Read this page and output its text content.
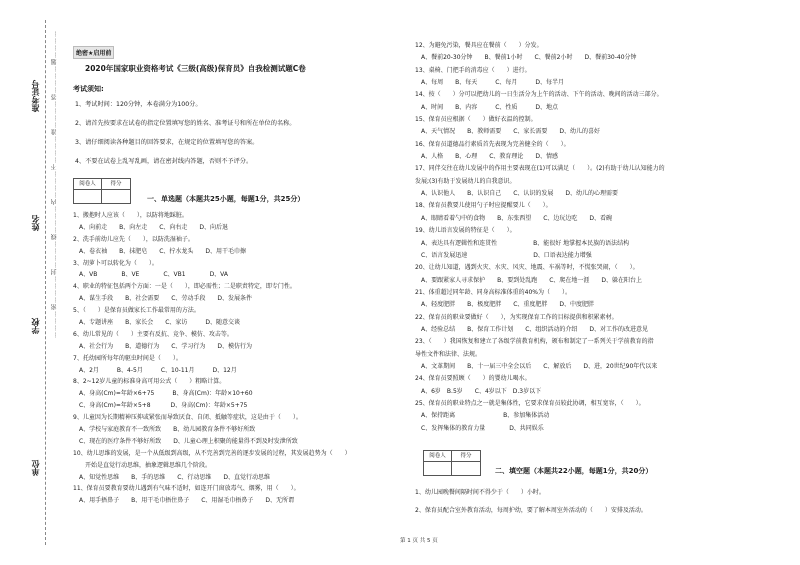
…………密…………封…………线…………内…………不…………准…………答…………题…………
准考证号
姓名
学校
单位
绝密★启用前
2020年国家职业资格考试《三级(高级)保育员》自我检测试题C卷
考试须知:
1、考试时间：120分钟，本卷满分为100分。
2、请首先按要求在试卷的指定位置填写您的姓名、准考证号和所在单位的名称。
3、请仔细阅读各种题目的回答要求，在规定的位置填写您的答案。
4、不要在试卷上乱写乱画，请在密封线内答题，否则不予评分。
阅卷人	得分
一、单选题（本题共25小题，每题1分，共25分）
1、搬抱时人应该（　　），以防将地踩脏。
　A、向前走　　B、向左走　　C、向右走　　D、向后退
2、洗手前幼儿应先（　　），以防洗湿袖子。
　A、卷衣袖　　B、抹肥皂　　C、拧水龙头　　D、用干毛巾擦
3、胡萝卜可以转化为（　　）。
　A、VB　　　　B、VE　　　　C、VB1　　　　D、VA
4、职业的特征包括两个方面：一是（　　），即必需性；二是职责特定，即专门性。
　A、谋生手段　　B、社会需要　　C、劳动手段　　D、发展条件
5、（　　）是保育员做家长工作最常用的方法。
　A、专题讲座　　B、家长会　　C、家访　　　D、随意交谈
6、幼儿常见的（　　）主要有反抗、竞争、模仿、攻击等。
　A、社会行为　　B、道德行为　　C、学习行为　　D、模仿行为
7、托幼园所每年的驱虫时间是（　　）。
　A、2月　　　B、4-5月　　　C、10-11月　　　D、12月
8、2~12岁儿童的标准身高可用公式（　　）粗略计算。
　A、身高(Cm)=年龄×6+75　　　B、身高(Cm)：年龄×10+60
　C、身高(Cm)=年龄×5+8　　　 D、身高(Cm)：年龄×5+75
9、儿童因为长期精神压抑或紧张而导致厌食、自闭、抵触等症状，这是由于（　　）。
　A、学校与家庭教育不一致所致　　B、幼儿园教育条件不够好所致
　C、现在的医疗条件不够好所致　　D、儿童心理上积聚的能量得不到及时发泄所致
10、幼儿思维的发展，是一个从低级到高级，从不完善到完善的逐步发展的过程，其发展趋势为（　　）
　　开始是直觉行动思维，抽象逻辑思维几个阶段。
　A、知觉性思维　　B、手的思维　　C、行动思维　　D、直觉行动思维
11、保育员要教育要幼儿遇到有气味不适时，如连开门窗放毒气、烟雾，用（　　）。
　A、用手捂鼻子　　B、用干毛巾捂住鼻子　　C、用湿毛巾捂鼻子　　D、无所谓
12、为避免污染，餐具应在餐前（　　）分发。
　A、餐前20-30分钟　　B、餐前1小时　　C、餐前2小时　　D、餐前30-40分钟
13、桌椅、门把手的消毒应（　　）进行。
　A、每周　　B、每天　　　C、每月　　　D、每半月
14、按（　　）分可以把幼儿的一日生活分为上午的活动、下午的活动、晚间的活动三部分。
　A、时间　　B、内容　　　C、性质　　　D、地点
15、保育员应根据（　　）做好衣温的控制。
　A、天气情况　　B、教师需要　　C、家长需要　　D、幼儿的喜好
16、保育员道德品行素质首先表现为完善健全的（　　）。
　A、人格　　B、心理　　C、教育理论　　D、情感
17、同伴交往在幼儿发展中的作用主要表现在(1)可以满足（　　）。(2)有助于幼儿认知能力的
发展;(3)有助于发展幼儿的自我意识。
　A、认识他人　　B、认识自己　　C、认识的发展　　D、幼儿的心理需要
18、保育员教要儿使用勺子时应提醒要儿（　　）。
　A、眼睛看着勺中的食物　　B、东张西望　　C、边玩边吃　　D、看碗
19、幼儿语言发展的特征是（　　）。
　A、表达具有逻辑性和连贯性　　　　　　B、能很好 地掌握本民族的语法结构
　C、语言发展迅速　　　　　　　　　　　D、口语表达能力增强
20、让幼儿知道，遇到火灾、水灾、风灾、地震、车祸等时，不慌张哭闹，（　　）。
　A、要跟紧家人寻求保护　　B、要到处乱跑　　C、爬在地一涯　　D、躲在阳台上
21、体重超过同年龄、同身高标准体重的40%为（　　）。
　A、轻度肥胖　　B、极度肥胖　　C、重度肥胖　　D、中度肥胖
22、保育员的职业要做好（　　），为实现保育工作的目标提供和积累素材。
　A、经验总结　　B、保育工作计划　　C、组织活动的介绍　　D、对工作的改进意见
23、（　　）我国恢复和建立了各级学前教育机构，颁布和制定了一系列关于学前教育的指
导性文件和法律、法规。
　A、文革期间　　B、十一届三中全会以后　　C、解放后　　D、进，20世纪90年代以来
24、保育员要照顾（　　）的婴幼儿喝水。
　A、6岁　B.5岁　　C、4岁以下　D.3岁以下
25、保育员的职业特点之一就是集体性，它要求保育员较此协调，相互宽容，（　　）。
　A、保持距离　　　　　　　　B、参加集体活动
　C、发挥集体的教育力量　　　　D、共同娱乐
阅卷人	得分
二、填空题（本题共22小题，每题1分，共20分）
1、幼儿园晚餐间隔时间不得少于（　　）小时。
2、保育员配合室外教育活动，每周护幼，要了解本周室外活动的（　　）安排及活动。
第 1 页 共 5 页
